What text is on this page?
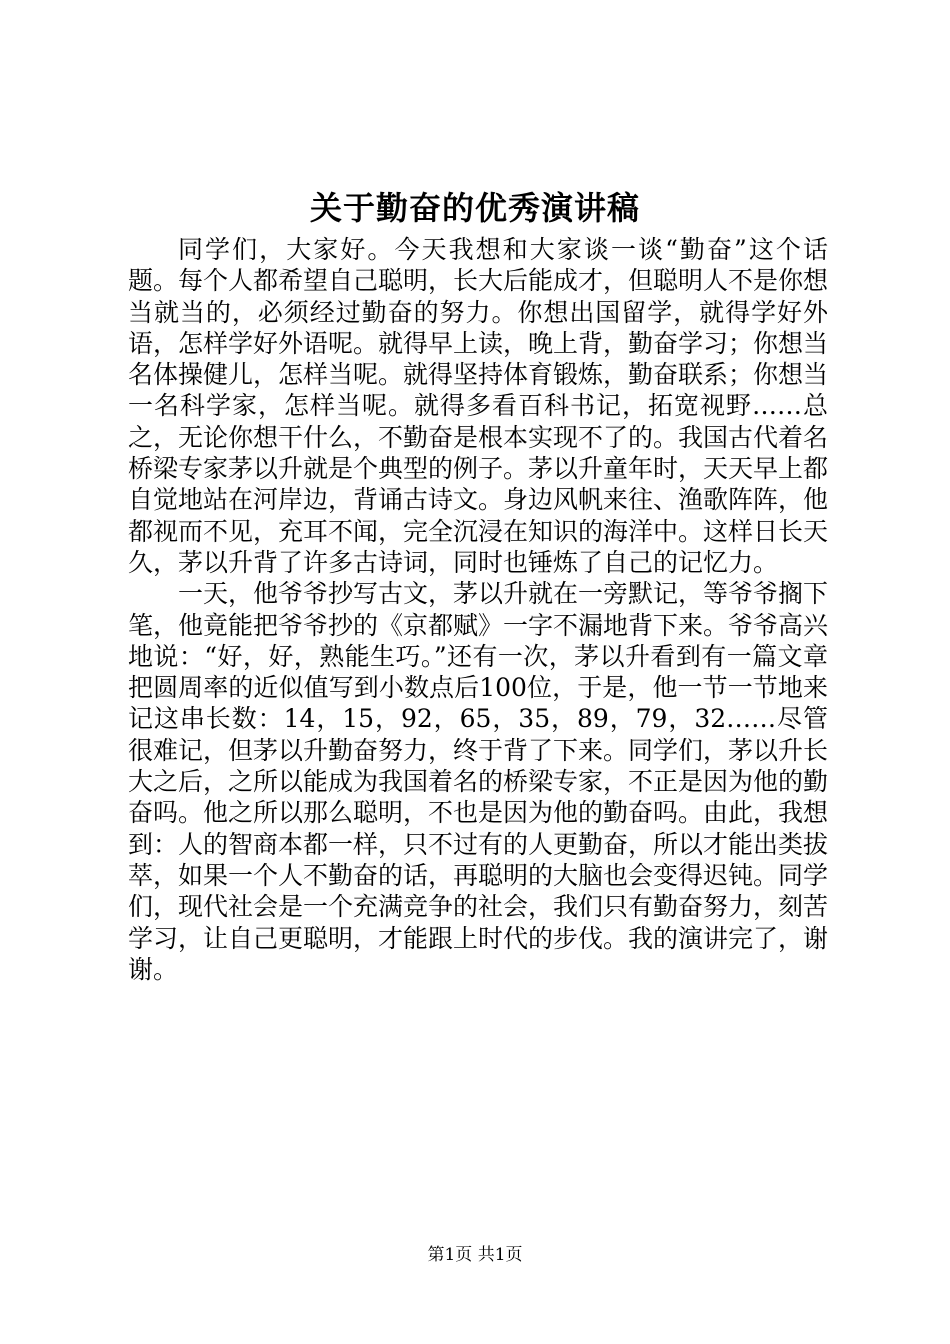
关于勤奋的优秀演讲稿

同学们，大家好。今天我想和大家谈一谈“勤奋”这个话题。每个人都希望自己聪明，长大后能成才，但聪明人不是你想当就当的，必须经过勤奋的努力。你想出国留学，就得学好外语，怎样学好外语呢。就得早上读，晚上背，勤奋学习；你想当名体操健儿，怎样当呢。就得坚持体育锻炼，勤奋联系；你想当一名科学家，怎样当呢。就得多看百科书记，拓宽视野……总之，无论你想干什么，不勤奋是根本实现不了的。我国古代着名桥梁专家茅以升就是个典型的例子。茅以升童年时，天天早上都自觉地站在河岸边，背诵古诗文。身边风帆来往、渔歌阵阵，他都视而不见，充耳不闻，完全沉浸在知识的海洋中。这样日长天久，茅以升背了许多古诗词，同时也锤炼了自己的记忆力。

一天，他爷爷抄写古文，茅以升就在一旁默记，等爷爷搁下笔，他竟能把爷爷抄的《京都赋》一字不漏地背下来。爷爷高兴地说：“好，好，熟能生巧。”还有一次，茅以升看到有一篇文章把圆周率的近似值写到小数点后100位，于是，他一节一节地来记这串长数：14，15，92，65，35，89，79，32……尽管很难记，但茅以升勤奋努力，终于背了下来。同学们，茅以升长大之后，之所以能成为我国着名的桥梁专家，不正是因为他的勤奋吗。他之所以那么聪明，不也是因为他的勤奋吗。由此，我想到：人的智商本都一样，只不过有的人更勤奋，所以才能出类拔萃，如果一个人不勤奋的话，再聪明的大脑也会变得迟钝。同学们，现代社会是一个充满竞争的社会，我们只有勤奋努力，刻苦学习，让自己更聪明，才能跟上时代的步伐。我的演讲完了，谢谢。

第1页 共1页
